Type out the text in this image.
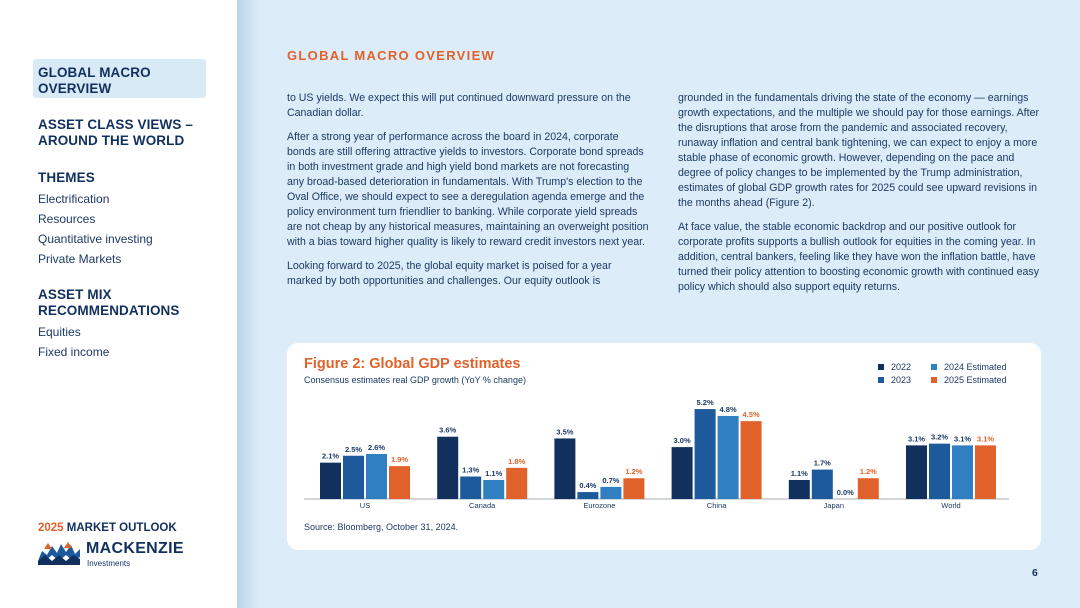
GLOBAL MACRO
OVERVIEW
ASSET CLASS VIEWS –
AROUND THE WORLD
THEMES
Electrification
Resources
Quantitative investing
Private Markets
ASSET MIX
RECOMMENDATIONS
Equities
Fixed income
2025 MARKET OUTLOOK
MACKENZIE
Investments
GLOBAL MACRO OVERVIEW

to US yields. We expect this will put continued downward pressure on the Canadian dollar.

After a strong year of performance across the board in 2024, corporate bonds are still offering attractive yields to investors. Corporate bond spreads in both investment grade and high yield bond markets are not forecasting any broad-based deterioration in fundamentals. With Trump's election to the Oval Office, we should expect to see a deregulation agenda emerge and the policy environment turn friendlier to banking. While corporate yield spreads are not cheap by any historical measures, maintaining an overweight position with a bias toward higher quality is likely to reward credit investors next year.

Looking forward to 2025, the global equity market is poised for a year marked by both opportunities and challenges. Our equity outlook is

grounded in the fundamentals driving the state of the economy — earnings growth expectations, and the multiple we should pay for those earnings. After the disruptions that arose from the pandemic and associated recovery, runaway inflation and central bank tightening, we can expect to enjoy a more stable phase of economic growth. However, depending on the pace and degree of policy changes to be implemented by the Trump administration, estimates of global GDP growth rates for 2025 could see upward revisions in the months ahead (Figure 2).

At face value, the stable economic backdrop and our positive outlook for corporate profits supports a bullish outlook for equities in the coming year. In addition, central bankers, feeling like they have won the inflation battle, have turned their policy attention to boosting economic growth with continued easy policy which should also support equity returns.

Figure 2: Global GDP estimates
Consensus estimates real GDP growth (YoY % change)
2022	2024 Estimated
2023	2025 Estimated
2.1%
2.5% 2.6%
1.9%
US
3.6%
1.3% 1.1%
1.8%
Canada
3.5%
0.4%
0.7%
1.2%
Eurozone
3.0%
5.2%
4.8%
4.5%
China
1.1%
1.7%
0.0%
1.2%
Japan
3.1% 3.2% 3.1% 3.1%
World
Source: Bloomberg, October 31, 2024.
6
